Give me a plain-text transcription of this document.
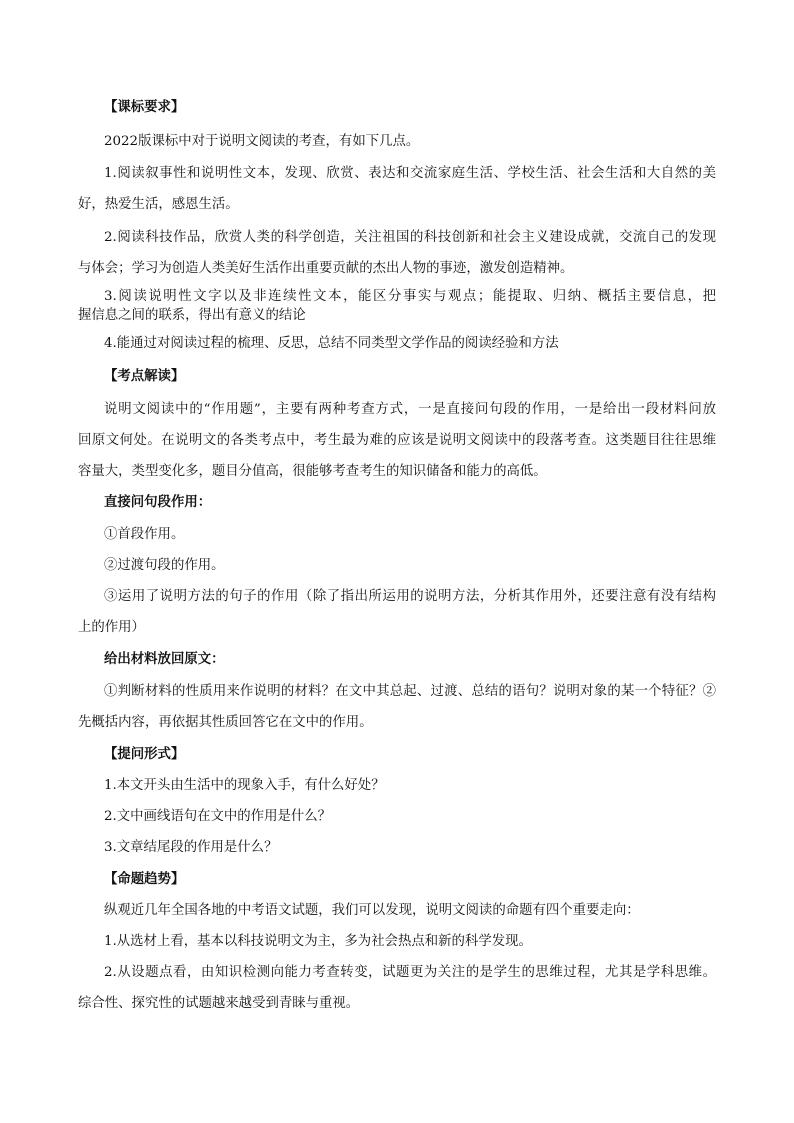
【课标要求】
2022版课标中对于说明文阅读的考查，有如下几点。
1.阅读叙事性和说明性文本，发现、欣赏、表达和交流家庭生活、学校生活、社会生活和大自然的美
好，热爱生活，感恩生活。
2.阅读科技作品，欣赏人类的科学创造，关注祖国的科技创新和社会主义建设成就，交流自己的发现
与体会；学习为创造人类美好生活作出重要贡献的杰出人物的事迹，激发创造精神。
3.阅读说明性文字以及非连续性文本，能区分事实与观点；能提取、归纳、概括主要信息，把
握信息之间的联系，得出有意义的结论
4.能通过对阅读过程的梳理、反思，总结不同类型文学作品的阅读经验和方法
【考点解读】
说明文阅读中的“作用题”，主要有两种考查方式，一是直接问句段的作用，一是给出一段材料问放
回原文何处。在说明文的各类考点中，考生最为难的应该是说明文阅读中的段落考查。这类题目往往思维
容量大，类型变化多，题目分值高，很能够考查考生的知识储备和能力的高低。
直接问句段作用：
①首段作用。
②过渡句段的作用。
③运用了说明方法的句子的作用（除了指出所运用的说明方法，分析其作用外，还要注意有没有结构
上的作用）
给出材料放回原文：
①判断材料的性质用来作说明的材料？在文中其总起、过渡、总结的语句？说明对象的某一个特征？②
先概括内容，再依据其性质回答它在文中的作用。
【提问形式】
1.本文开头由生活中的现象入手，有什么好处？
2.文中画线语句在文中的作用是什么？
3.文章结尾段的作用是什么？
【命题趋势】
纵观近几年全国各地的中考语文试题，我们可以发现，说明文阅读的命题有四个重要走向：
1.从选材上看，基本以科技说明文为主，多为社会热点和新的科学发现。
2.从设题点看，由知识检测向能力考查转变，试题更为关注的是学生的思维过程，尤其是学科思维。
综合性、探究性的试题越来越受到青睐与重视。
